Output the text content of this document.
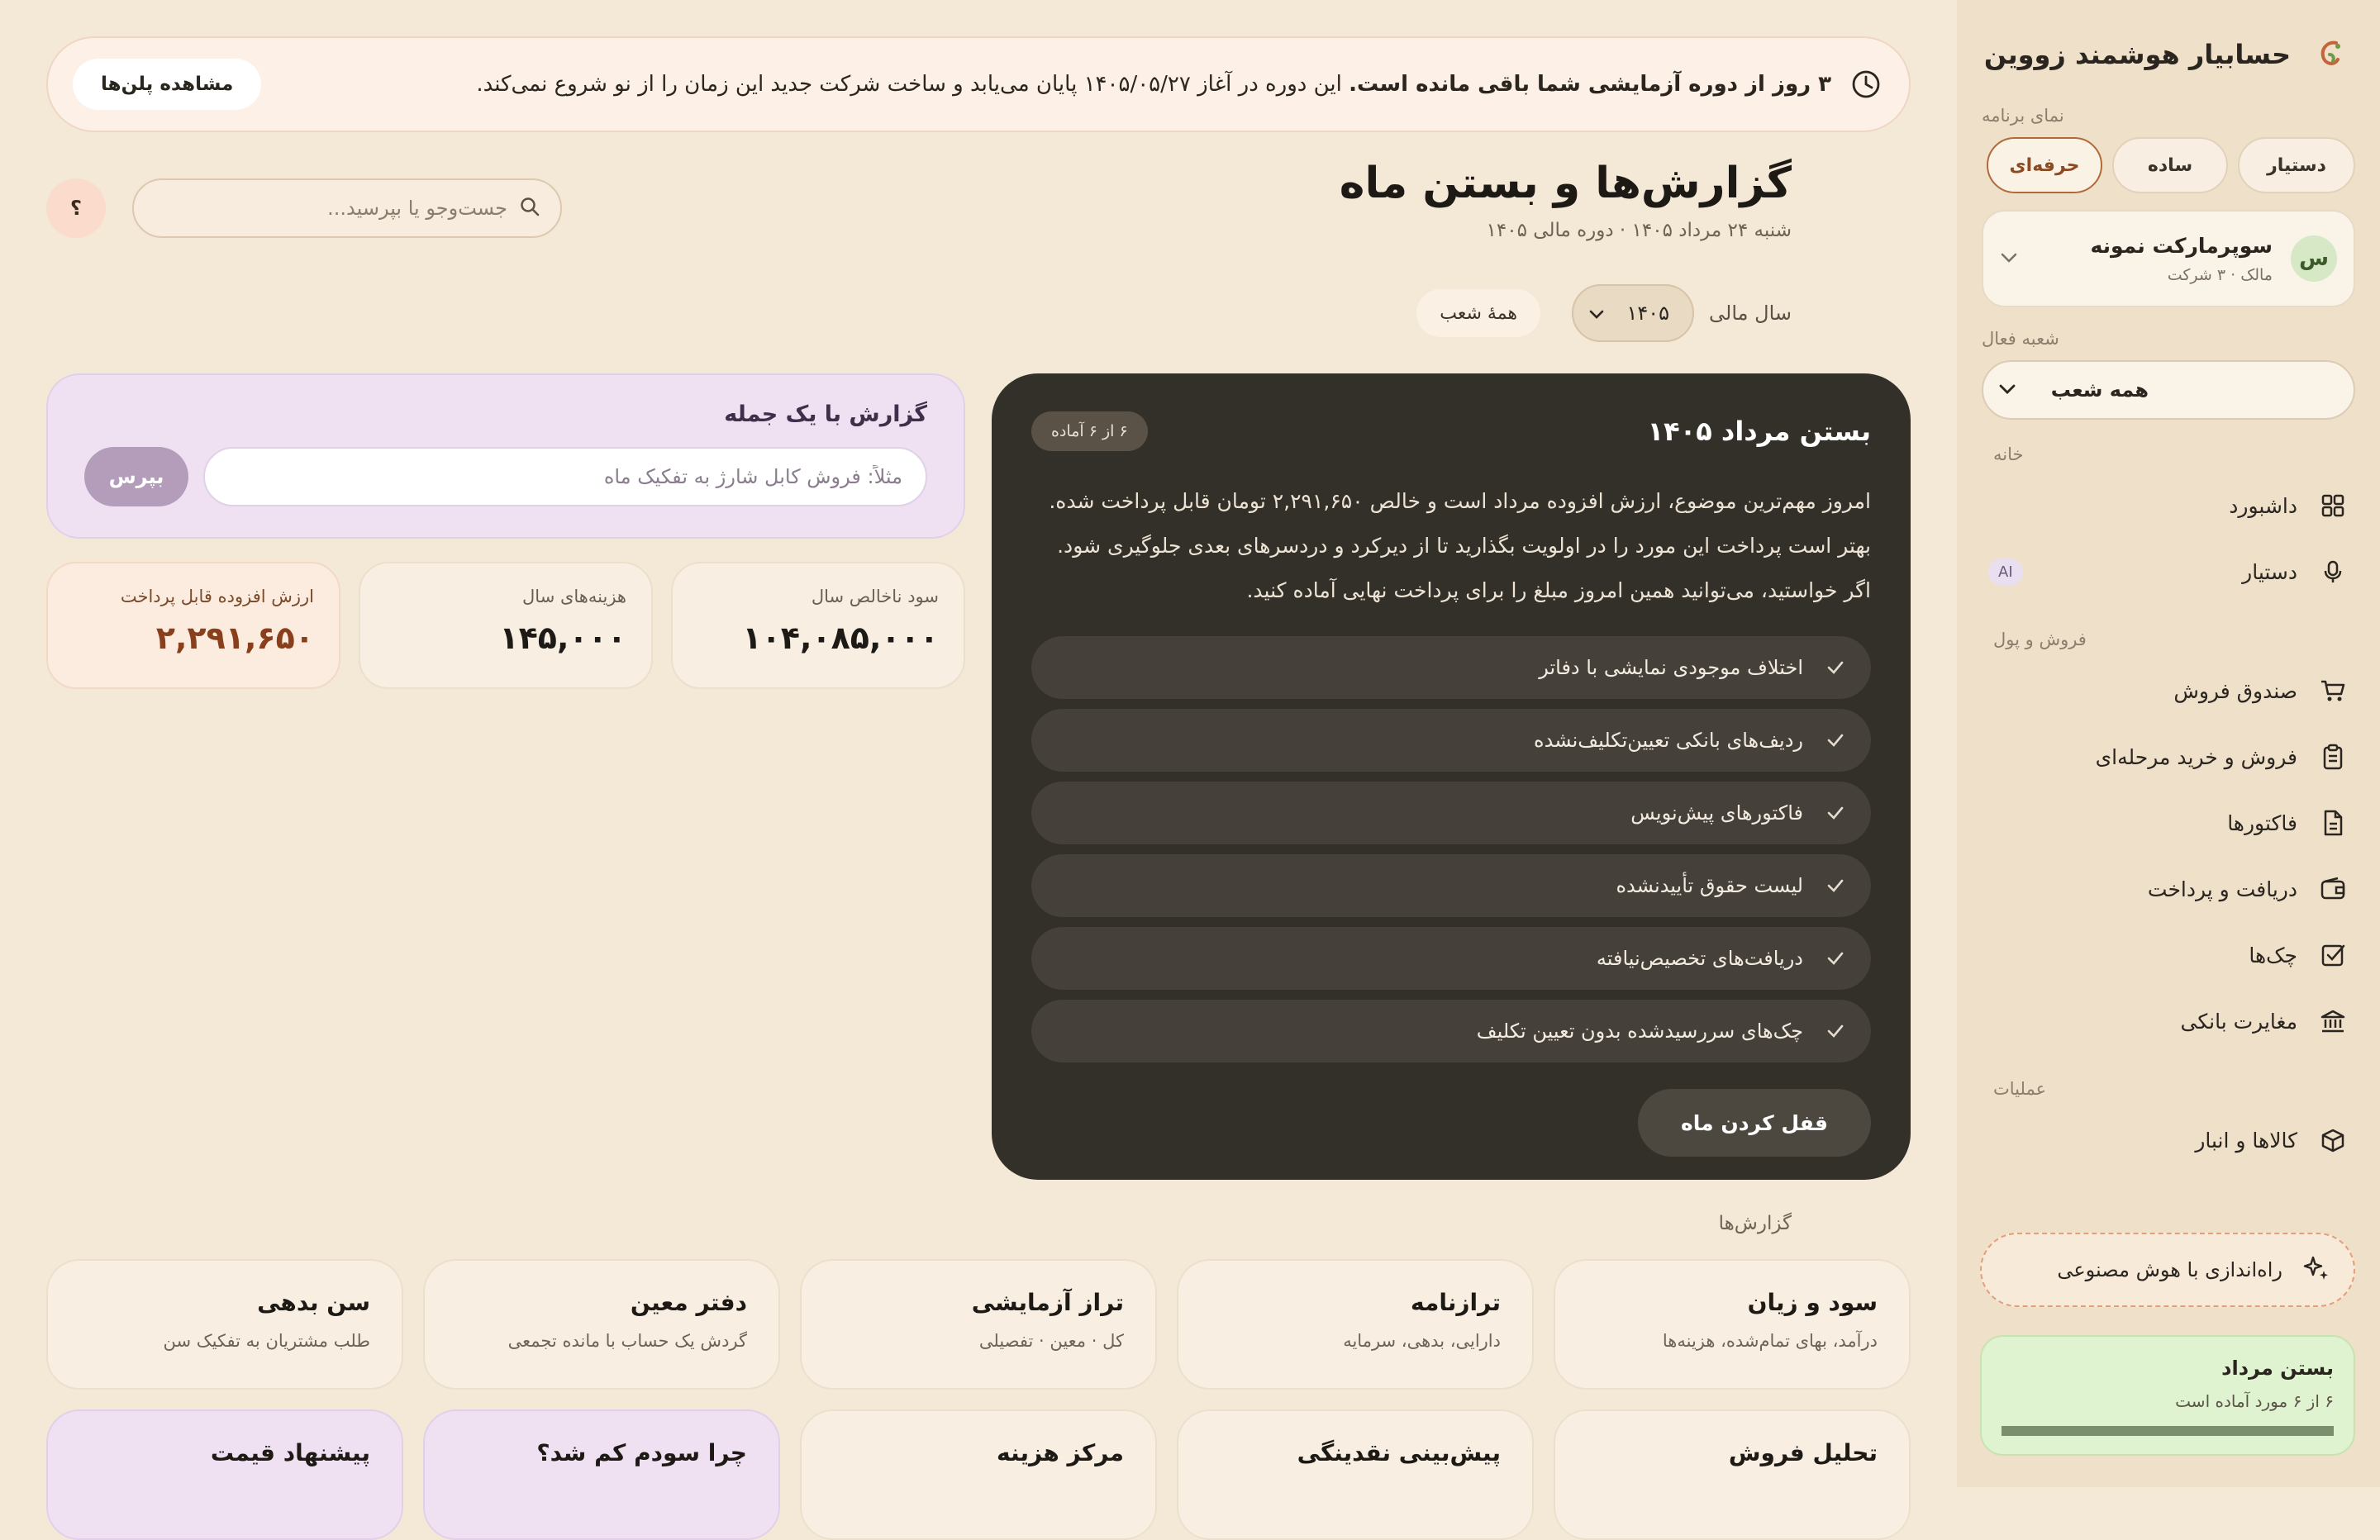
حسابیار هوشمند زووین
نمای برنامه
دستیار
ساده
حرفه‌ای
س
سوپرمارکت نمونه
مالک · ۳ شرکت
شعبه فعال
همه شعب
خانه
داشبورد
دستیار
AI
فروش و پول
صندوق فروش
فروش و خرید مرحله‌ای
فاکتورها
دریافت و پرداخت
چک‌ها
مغایرت بانکی
عملیات
کالاها و انبار
راه‌اندازی با هوش مصنوعی
بستن مرداد
۶ از ۶ مورد آماده است
۳ روز از دوره آزمایشی شما باقی مانده است. این دوره در آغاز ۱۴۰۵/۰۵/۲۷ پایان می‌یابد و ساخت شرکت جدید این زمان را از نو شروع نمی‌کند.
مشاهده پلن‌ها
گزارش‌ها و بستن ماه
شنبه ۲۴ مرداد ۱۴۰۵ · دوره مالی ۱۴۰۵
جست‌وجو یا بپرسید...
؟
سال مالی
۱۴۰۵
همهٔ شعب
بستن مرداد ۱۴۰۵
۶ از ۶ آماده

امروز مهم‌ترین موضوع، ارزش افزوده مرداد است و خالص ۲,۲۹۱,۶۵۰ تومان قابل پرداخت شده. بهتر است پرداخت این مورد را در اولویت بگذارید تا از دیرکرد و دردسرهای بعدی جلوگیری شود. اگر خواستید، می‌توانید همین امروز مبلغ را برای پرداخت نهایی آماده کنید.

اختلاف موجودی نمایشی با دفاتر
ردیف‌های بانکی تعیین‌تکلیف‌نشده
فاکتورهای پیش‌نویس
لیست حقوق تأییدنشده
دریافت‌های تخصیص‌نیافته
چک‌های سررسیدشده بدون تعیین تکلیف
قفل کردن ماه
گزارش با یک جمله
مثلاً: فروش کابل شارژ به تفکیک ماه
بپرس
سود ناخالص سال
۱۰۴,۰۸۵,۰۰۰
هزینه‌های سال
۱۴۵,۰۰۰
ارزش افزوده قابل پرداخت
۲,۲۹۱,۶۵۰
گزارش‌ها
سود و زیان
درآمد، بهای تمام‌شده، هزینه‌ها
ترازنامه
دارایی، بدهی، سرمایه
تراز آزمایشی
کل · معین · تفصیلی
دفتر معین
گردش یک حساب با مانده تجمعی
سن بدهی
طلب مشتریان به تفکیک سن
تحلیل فروش
پیش‌بینی نقدینگی
مرکز هزینه
چرا سودم کم شد؟
پیشنهاد قیمت
